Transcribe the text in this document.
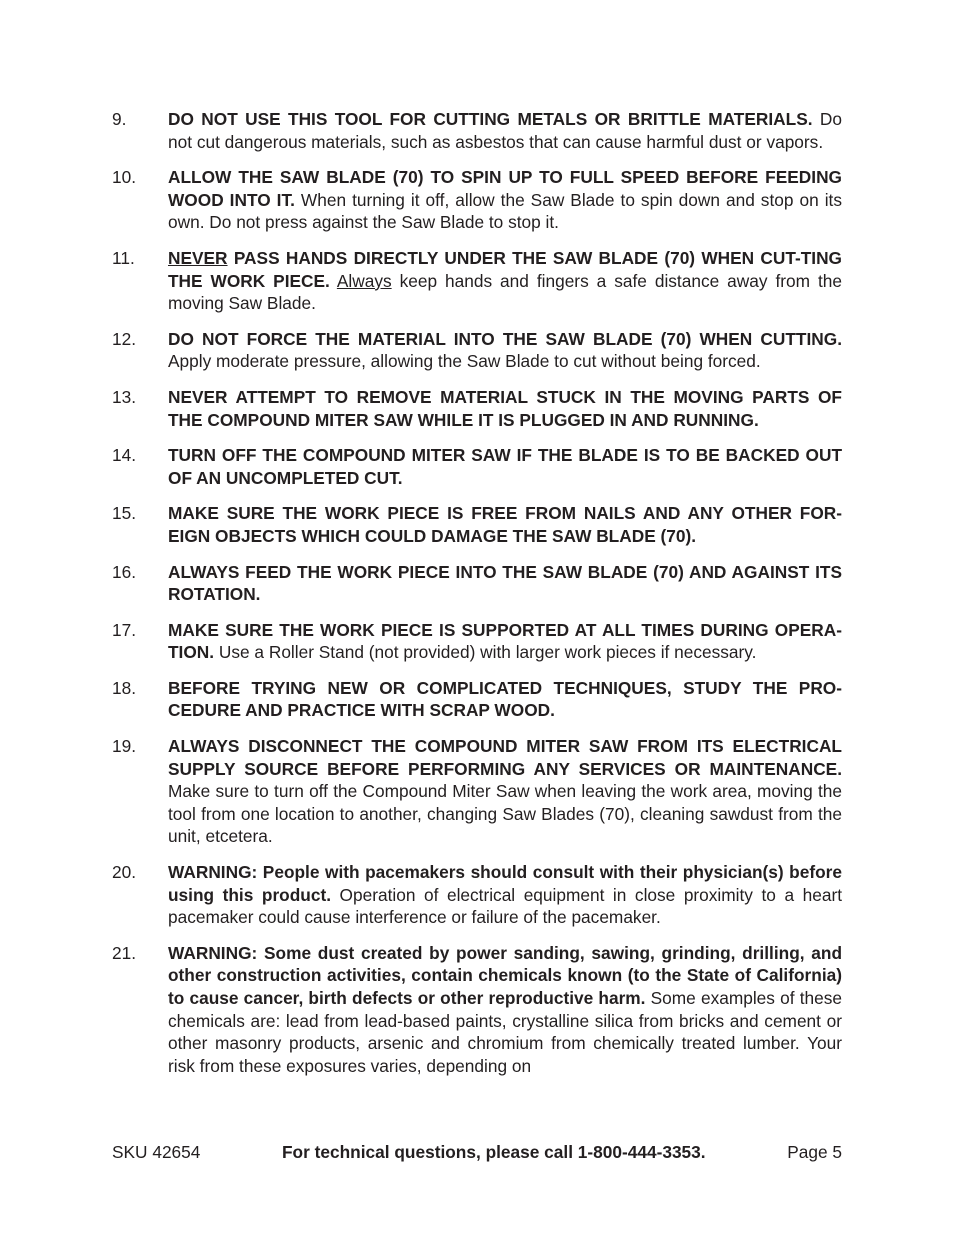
9.	DO NOT USE THIS TOOL FOR CUTTING METALS OR BRITTLE MATERIALS. Do not cut dangerous materials, such as asbestos that can cause harmful dust or vapors.
10.	ALLOW THE SAW BLADE (70) TO SPIN UP TO FULL SPEED BEFORE FEEDING WOOD INTO IT. When turning it off, allow the Saw Blade to spin down and stop on its own. Do not press against the Saw Blade to stop it.
11.	NEVER PASS HANDS DIRECTLY UNDER THE SAW BLADE (70) WHEN CUT-TING THE WORK PIECE. Always keep hands and fingers a safe distance away from the moving Saw Blade.
12.	DO NOT FORCE THE MATERIAL INTO THE SAW BLADE (70) WHEN CUTTING. Apply moderate pressure, allowing the Saw Blade to cut without being forced.
13.	NEVER ATTEMPT TO REMOVE MATERIAL STUCK IN THE MOVING PARTS OF THE COMPOUND MITER SAW WHILE IT IS PLUGGED IN AND RUNNING.
14.	TURN OFF THE COMPOUND MITER SAW IF THE BLADE IS TO BE BACKED OUT OF AN UNCOMPLETED CUT.
15.	MAKE SURE THE WORK PIECE IS FREE FROM NAILS AND ANY OTHER FOR-EIGN OBJECTS WHICH COULD DAMAGE THE SAW BLADE (70).
16.	ALWAYS FEED THE WORK PIECE INTO THE SAW BLADE (70) AND AGAINST ITS ROTATION.
17.	MAKE SURE THE WORK PIECE IS SUPPORTED AT ALL TIMES DURING OPERA-TION. Use a Roller Stand (not provided) with larger work pieces if necessary.
18.	BEFORE TRYING NEW OR COMPLICATED TECHNIQUES, STUDY THE PRO-CEDURE AND PRACTICE WITH SCRAP WOOD.
19.	ALWAYS DISCONNECT THE COMPOUND MITER SAW FROM ITS ELECTRICAL SUPPLY SOURCE BEFORE PERFORMING ANY SERVICES OR MAINTENANCE. Make sure to turn off the Compound Miter Saw when leaving the work area, moving the tool from one location to another, changing Saw Blades (70), cleaning sawdust from the unit, etcetera.
20.	WARNING: People with pacemakers should consult with their physician(s) before using this product. Operation of electrical equipment in close proximity to a heart pacemaker could cause interference or failure of the pacemaker.
21.	WARNING: Some dust created by power sanding, sawing, grinding, drilling, and other construction activities, contain chemicals known (to the State of California) to cause cancer, birth defects or other reproductive harm. Some examples of these chemicals are: lead from lead-based paints, crystalline silica from bricks and cement or other masonry products, arsenic and chromium from chemically treated lumber. Your risk from these exposures varies, depending on
SKU 42654	For technical questions, please call 1-800-444-3353.	Page 5
